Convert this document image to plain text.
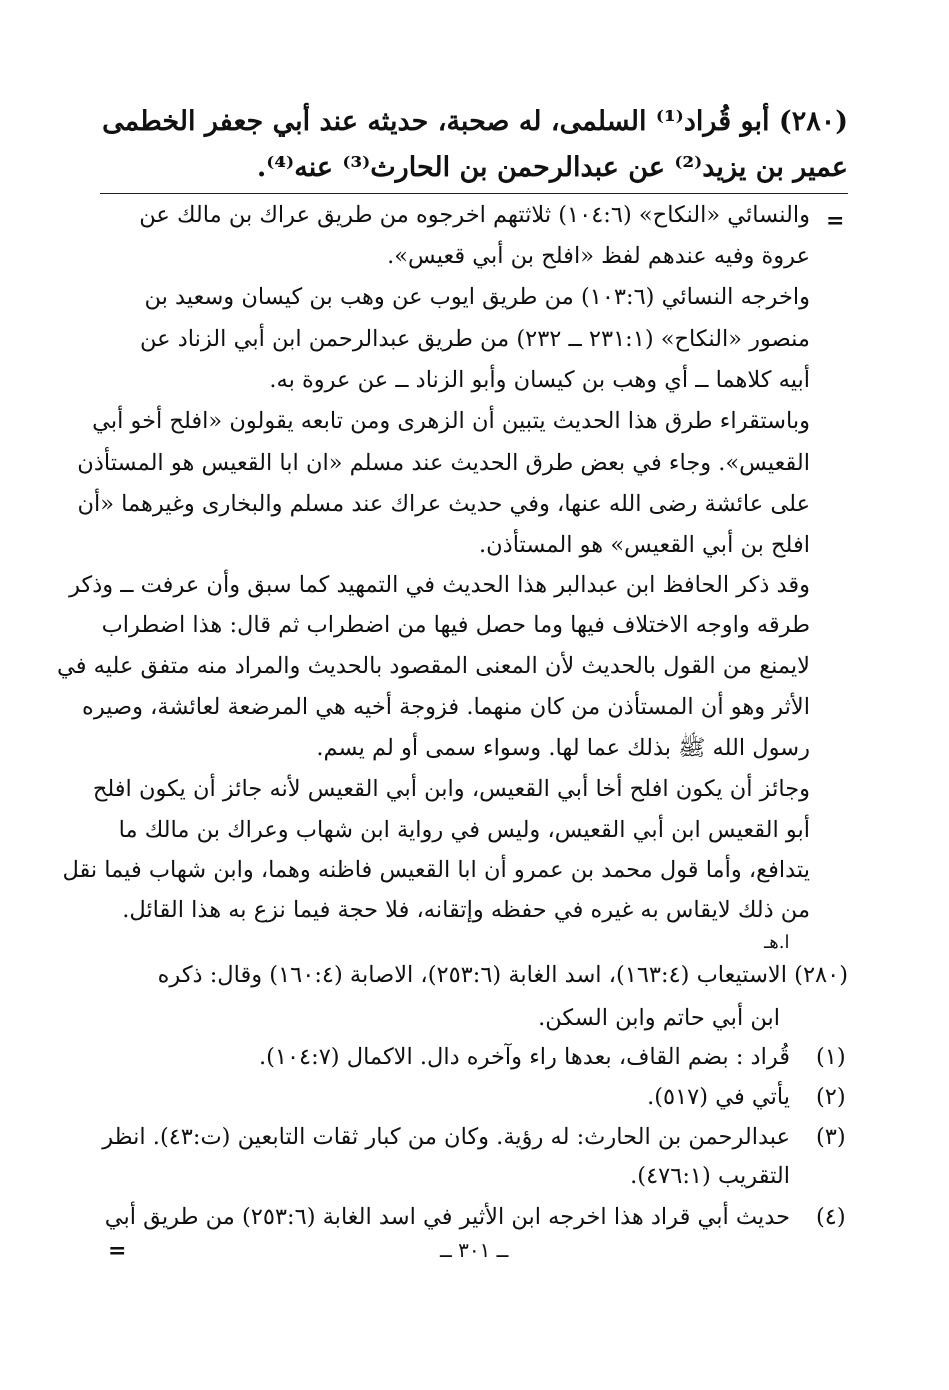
(٢٨٠) أبو قُراد⁽¹⁾ السلمى، له صحبة، حديثه عند أبي جعفر الخطمى
عمير بن يزيد⁽²⁾ عن عبدالرحمن بن الحارث⁽³⁾ عنه⁽⁴⁾.
=
والنسائي «النكاح» (١٠٤:٦) ثلاثتهم اخرجوه من طريق عراك بن مالك عن
عروة وفيه عندهم لفظ «افلح بن أبي قعيس».
واخرجه النسائي (١٠٣:٦) من طريق ايوب عن وهب بن كيسان وسعيد بن
منصور «النكاح» (٢٣١:١ ــ ٢٣٢) من طريق عبدالرحمن ابن أبي الزناد عن
أبيه كلاهما ــ أي وهب بن كيسان وأبو الزناد ــ عن عروة به.
وباستقراء طرق هذا الحديث يتبين أن الزهرى ومن تابعه يقولون «افلح أخو أبي
القعيس». وجاء في بعض طرق الحديث عند مسلم «ان ابا القعيس هو المستأذن
على عائشة رضى الله عنها، وفي حديث عراك عند مسلم والبخارى وغيرهما «أن
افلح بن أبي القعيس» هو المستأذن.
وقد ذكر الحافظ ابن عبدالبر هذا الحديث في التمهيد كما سبق وأن عرفت ــ وذكر
طرقه واوجه الاختلاف فيها وما حصل فيها من اضطراب ثم قال: هذا اضطراب
لايمنع من القول بالحديث لأن المعنى المقصود بالحديث والمراد منه متفق عليه في
الأثر وهو أن المستأذن من كان منهما. فزوجة أخيه هي المرضعة لعائشة، وصيره
رسول الله ﷺ بذلك عما لها. وسواء سمى أو لم يسم.
وجائز أن يكون افلح أخا أبي القعيس، وابن أبي القعيس لأنه جائز أن يكون افلح
أبو القعيس ابن أبي القعيس، وليس في رواية ابن شهاب وعراك بن مالك ما
يتدافع، وأما قول محمد بن عمرو أن ابا القعيس فاظنه وهما، وابن شهاب فيما نقل
من ذلك لايقاس به غيره في حفظه وإتقانه، فلا حجة فيما نزع به هذا القائل.
ا.هـ
(٢٨٠) الاستيعاب (١٦٣:٤)، اسد الغابة (٢٥٣:٦)، الاصابة (١٦٠:٤) وقال: ذكره
ابن أبي حاتم وابن السكن.
(١)
قُراد : بضم القاف، بعدها راء وآخره دال. الاكمال (١٠٤:٧).
(٢)
يأتي في (٥١٧).
(٣)
عبدالرحمن بن الحارث: له رؤية. وكان من كبار ثقات التابعين (ت:٤٣). انظر
التقريب (٤٧٦:١).
(٤)
حديث أبي قراد هذا اخرجه ابن الأثير في اسد الغابة (٢٥٣:٦) من طريق أبي
ــ ٣٠١ ــ
=
